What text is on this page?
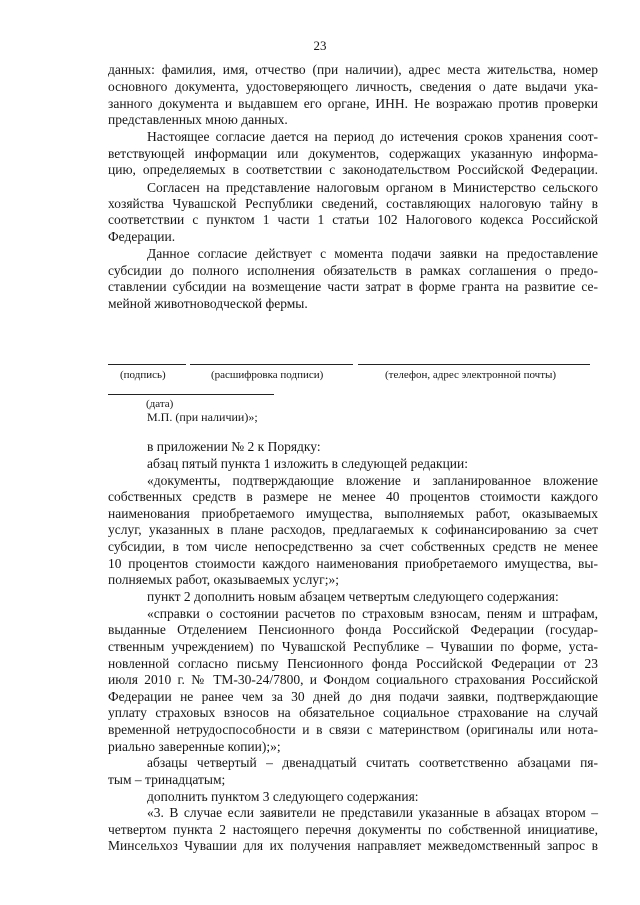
23
данных: фамилия, имя, отчество (при наличии), адрес места жительства, номер
основного документа, удостоверяющего личность, сведения о дате выдачи ука-
занного документа и выдавшем его органе, ИНН. Не возражаю против проверки
представленных мною данных.
Настоящее согласие дается на период до истечения сроков хранения соот-
ветствующей информации или документов, содержащих указанную информа-
цию, определяемых в соответствии с законодательством Российской Федерации.
Согласен на представление налоговым органом в Министерство сельского
хозяйства Чувашской Республики сведений, составляющих налоговую тайну в
соответствии с пунктом 1 части 1 статьи 102 Налогового кодекса Российской
Федерации.
Данное согласие действует с момента подачи заявки на предоставление
субсидии до полного исполнения обязательств в рамках соглашения о предо-
ставлении субсидии на возмещение части затрат в форме гранта на развитие се-
мейной животноводческой фермы.
(подпись)	(расшифровка подписи)	(телефон, адрес электронной почты)
(дата)
М.П. (при наличии)»;
в приложении № 2 к Порядку:
абзац пятый пункта 1 изложить в следующей редакции:
«документы, подтверждающие вложение и запланированное вложение
собственных средств в размере не менее 40 процентов стоимости каждого
наименования приобретаемого имущества, выполняемых работ, оказываемых
услуг, указанных в плане расходов, предлагаемых к софинансированию за счет
субсидии, в том числе непосредственно за счет собственных средств не менее
10 процентов стоимости каждого наименования приобретаемого имущества, вы-
полняемых работ, оказываемых услуг;»;
пункт 2 дополнить новым абзацем четвертым следующего содержания:
«справки о состоянии расчетов по страховым взносам, пеням и штрафам,
выданные Отделением Пенсионного фонда Российской Федерации (государ-
ственным учреждением) по Чувашской Республике – Чувашии по форме, уста-
новленной согласно письму Пенсионного фонда Российской Федерации от 23
июля 2010 г. № ТМ-30-24/7800, и Фондом социального страхования Российской
Федерации не ранее чем за 30 дней до дня подачи заявки, подтверждающие
уплату страховых взносов на обязательное социальное страхование на случай
временной нетрудоспособности и в связи с материнством (оригиналы или нота-
риально заверенные копии);»;
абзацы четвертый – двенадцатый считать соответственно абзацами пя-
тым – тринадцатым;
дополнить пунктом 3 следующего содержания:
«3. В случае если заявители не представили указанные в абзацах втором –
четвертом пункта 2 настоящего перечня документы по собственной инициативе,
Минсельхоз Чувашии для их получения направляет межведомственный запрос в
